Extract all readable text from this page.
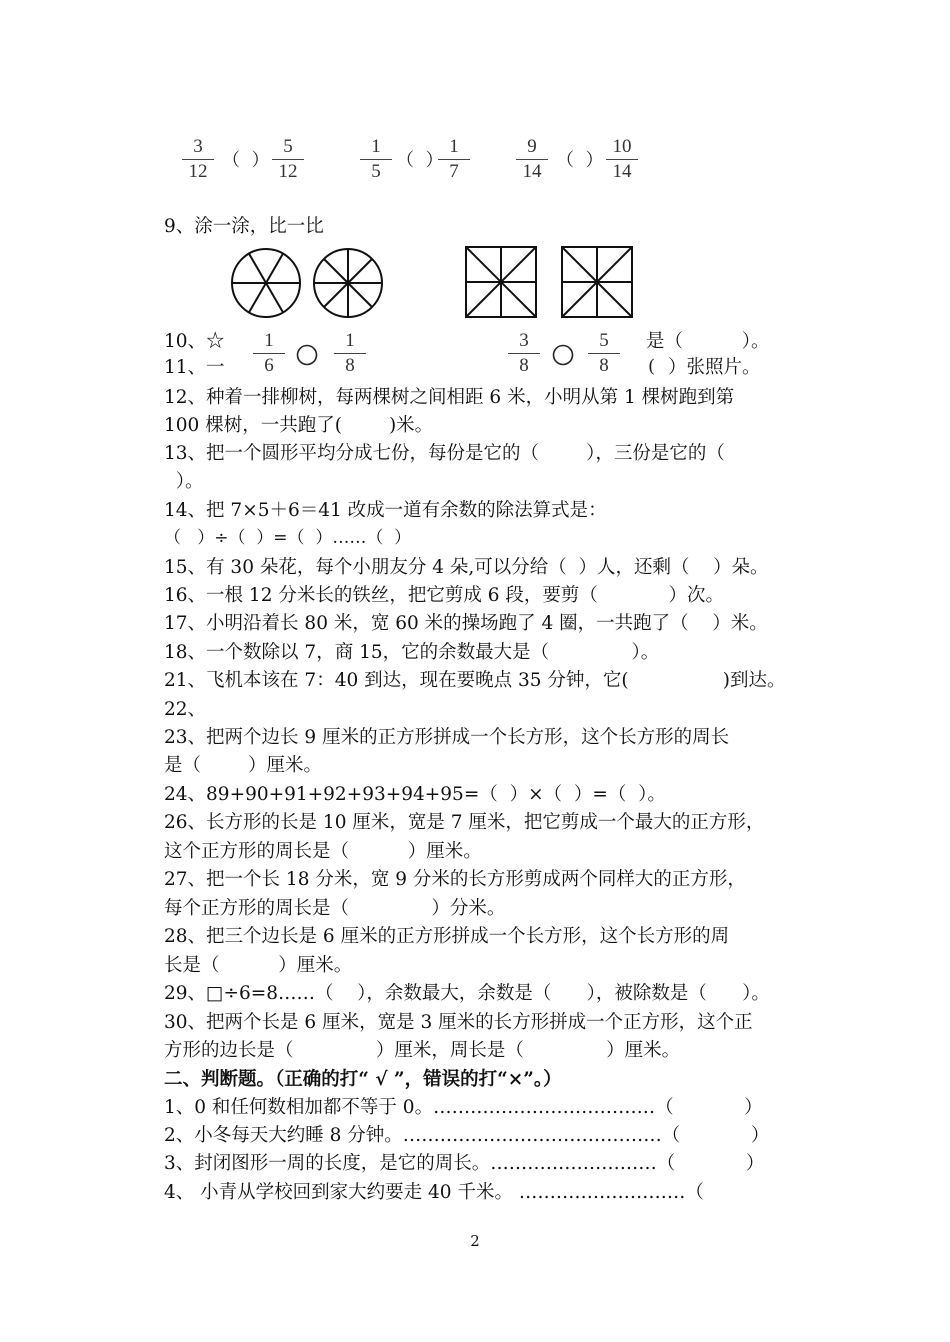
3
12
（  ）
5
12
1
5
（  ）
1
7
9
14
（  ）
10
14
9、涂一涂，比一比
10、☆	是（          ）。
11、一	）张照片。
(
1
6
1
8
3
8
5
8
12、种着一排柳树，每两棵树之间相距 6 米，小明从第 1 棵树跑到第
100 棵树，一共跑了(        )米。
13、把一个圆形平均分成七份，每份是它的（        ），三份是它的（
）。
14、把 7×5＋6＝41 改成一道有余数的除法算式是：
（   ）÷（  ）=（  ）……（  ）
15、有 30 朵花，每个小朋友分 4 朵,可以分给（  ）人，还剩（    ）朵。
16、一根 12 分米长的铁丝，把它剪成 6 段，要剪（            ）次。
17、小明沿着长 80 米，宽 60 米的操场跑了 4 圈，一共跑了（    ）米。
18、一个数除以 7，商 15，它的余数最大是（              ）。
21、飞机本该在 7：40 到达，现在要晚点 35 分钟，它(                )到达。
22、
23、把两个边长 9 厘米的正方形拼成一个长方形，这个长方形的周长
是（        ）厘米。
24、89+90+91+92+93+94+95=（  ）×（  ）=（  ）。
26、长方形的长是 10 厘米，宽是 7 厘米，把它剪成一个最大的正方形，
这个正方形的周长是（          ）厘米。
27、把一个长 18 分米，宽 9 分米的长方形剪成两个同样大的正方形，
每个正方形的周长是（              ）分米。
28、把三个边长是 6 厘米的正方形拼成一个长方形，这个长方形的周
长是（          ）厘米。
29、□÷6=8……（    ），余数最大，余数是（      ），被除数是（      ）。
30、把两个长是 6 厘米，宽是 3 厘米的长方形拼成一个正方形，这个正
方形的边长是（              ）厘米，周长是（              ）厘米。
二、判断题。（正确的打“ √ ”，错误的打“×”。）
1、0 和任何数相加都不等于 0。………………………………（            ）
2、小冬每天大约睡 8 分钟。……………………………………（            ）
3、封闭图形一周的长度，是它的周长。………………………（            ）
4、 小青从学校回到家大约要走 40 千米。 ………………………（
2
